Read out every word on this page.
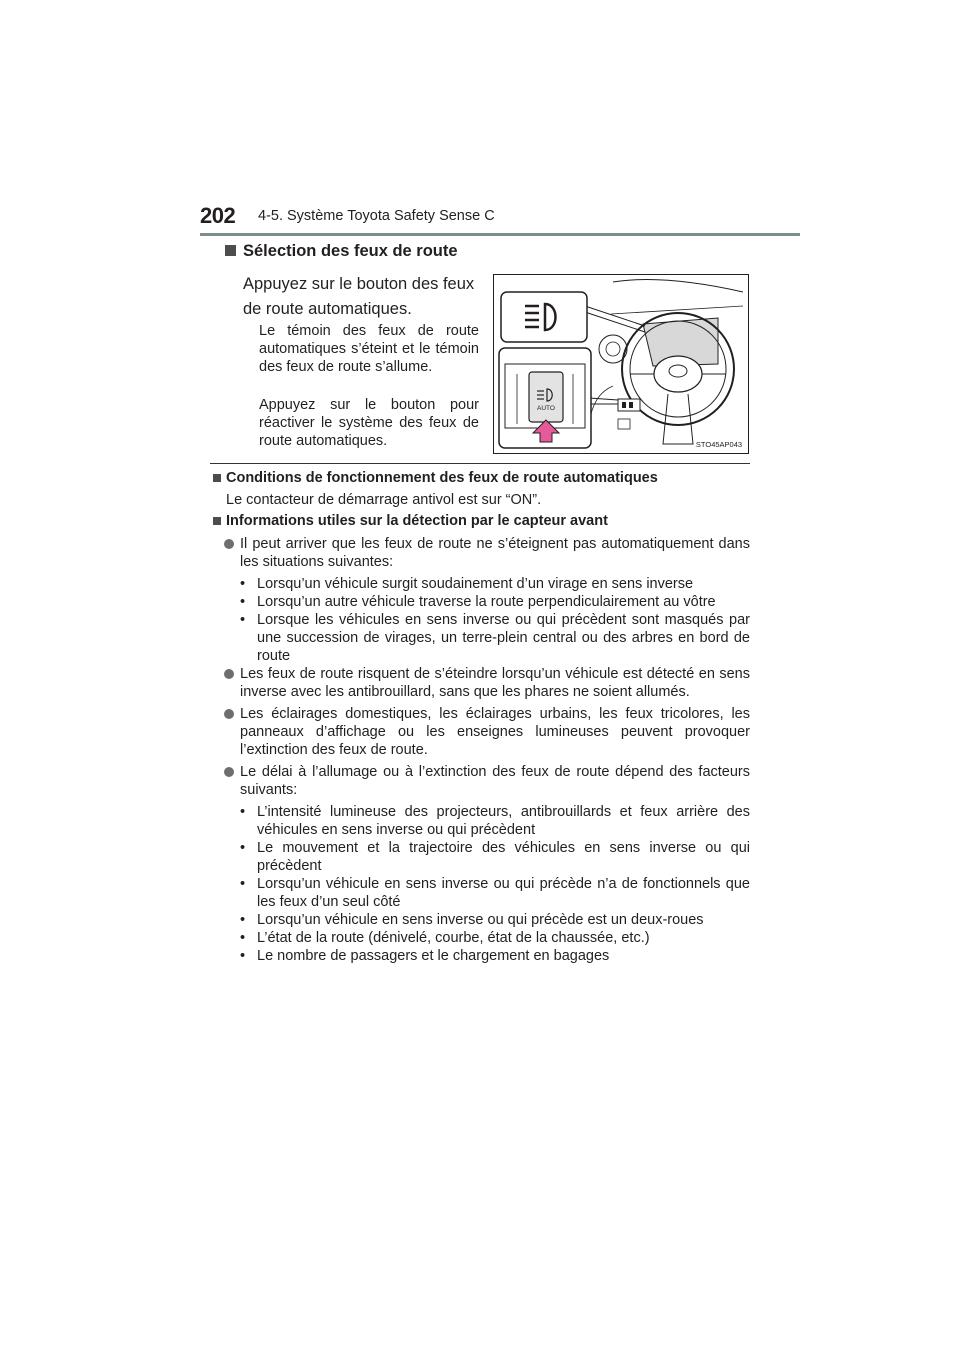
202 4-5. Système Toyota Safety Sense C
Sélection des feux de route
Appuyez sur le bouton des feux de route automatiques.
Le témoin des feux de route automatiques s’éteint et le témoin des feux de route s’allume.
Appuyez sur le bouton pour réactiver le système des feux de route automatiques.
AUTO
STO45AP043
Conditions de fonctionnement des feux de route automatiques
Le contacteur de démarrage antivol est sur “ON”.
Informations utiles sur la détection par le capteur avant
Il peut arriver que les feux de route ne s’éteignent pas automatiquement dans les situations suivantes:
• Lorsqu’un véhicule surgit soudainement d’un virage en sens inverse
• Lorsqu’un autre véhicule traverse la route perpendiculairement au vôtre
• Lorsque les véhicules en sens inverse ou qui précèdent sont masqués par une succession de virages, un terre-plein central ou des arbres en bord de route
Les feux de route risquent de s’éteindre lorsqu’un véhicule est détecté en sens inverse avec les antibrouillard, sans que les phares ne soient allumés.
Les éclairages domestiques, les éclairages urbains, les feux tricolores, les panneaux d’affichage ou les enseignes lumineuses peuvent provoquer l’extinction des feux de route.
Le délai à l’allumage ou à l’extinction des feux de route dépend des facteurs suivants:
• L’intensité lumineuse des projecteurs, antibrouillards et feux arrière des véhicules en sens inverse ou qui précèdent
• Le mouvement et la trajectoire des véhicules en sens inverse ou qui précèdent
• Lorsqu’un véhicule en sens inverse ou qui précède n’a de fonctionnels que les feux d’un seul côté
• Lorsqu’un véhicule en sens inverse ou qui précède est un deux-roues
• L’état de la route (dénivelé, courbe, état de la chaussée, etc.)
• Le nombre de passagers et le chargement en bagages
